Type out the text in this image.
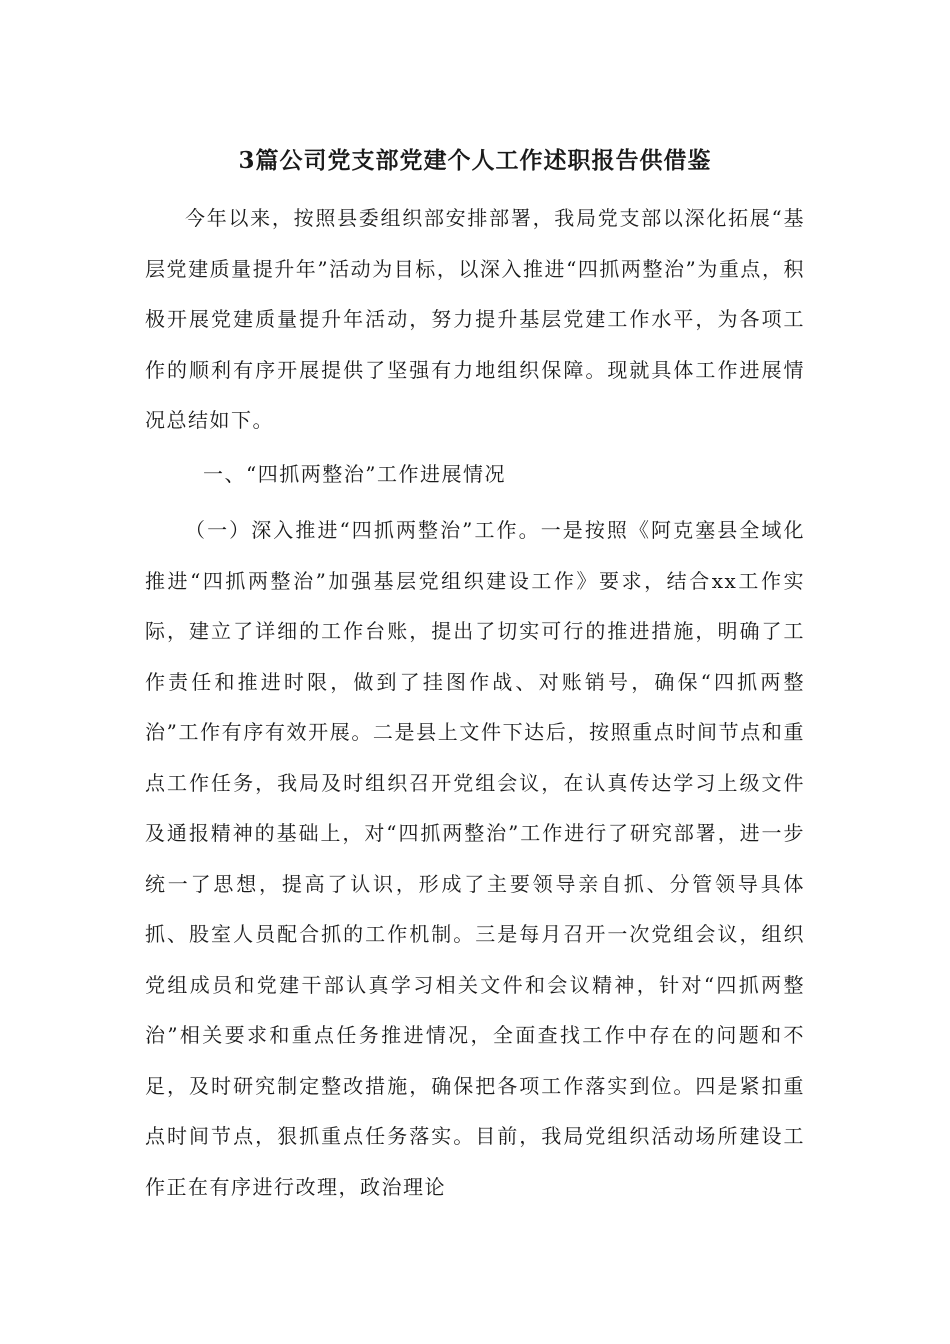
3篇公司党支部党建个人工作述职报告供借鉴

今年以来，按照县委组织部安排部署，我局党支部以深化拓展“基层党建质量提升年”活动为目标，以深入推进“四抓两整治”为重点，积极开展党建质量提升年活动，努力提升基层党建工作水平，为各项工作的顺利有序开展提供了坚强有力地组织保障。现就具体工作进展情况总结如下。

一、“四抓两整治”工作进展情况

（一）深入推进“四抓两整治”工作。一是按照《阿克塞县全域化推进“四抓两整治”加强基层党组织建设工作》要求，结合xx工作实际，建立了详细的工作台账，提出了切实可行的推进措施，明确了工作责任和推进时限，做到了挂图作战、对账销号，确保“四抓两整治”工作有序有效开展。二是县上文件下达后，按照重点时间节点和重点工作任务，我局及时组织召开党组会议，在认真传达学习上级文件及通报精神的基础上，对“四抓两整治”工作进行了研究部署，进一步统一了思想，提高了认识，形成了主要领导亲自抓、分管领导具体抓、股室人员配合抓的工作机制。三是每月召开一次党组会议，组织党组成员和党建干部认真学习相关文件和会议精神，针对“四抓两整治”相关要求和重点任务推进情况，全面查找工作中存在的问题和不足，及时研究制定整改措施，确保把各项工作落实到位。四是紧扣重点时间节点，狠抓重点任务落实。目前，我局党组织活动场所建设工作正在有序进行改理，政治理论
